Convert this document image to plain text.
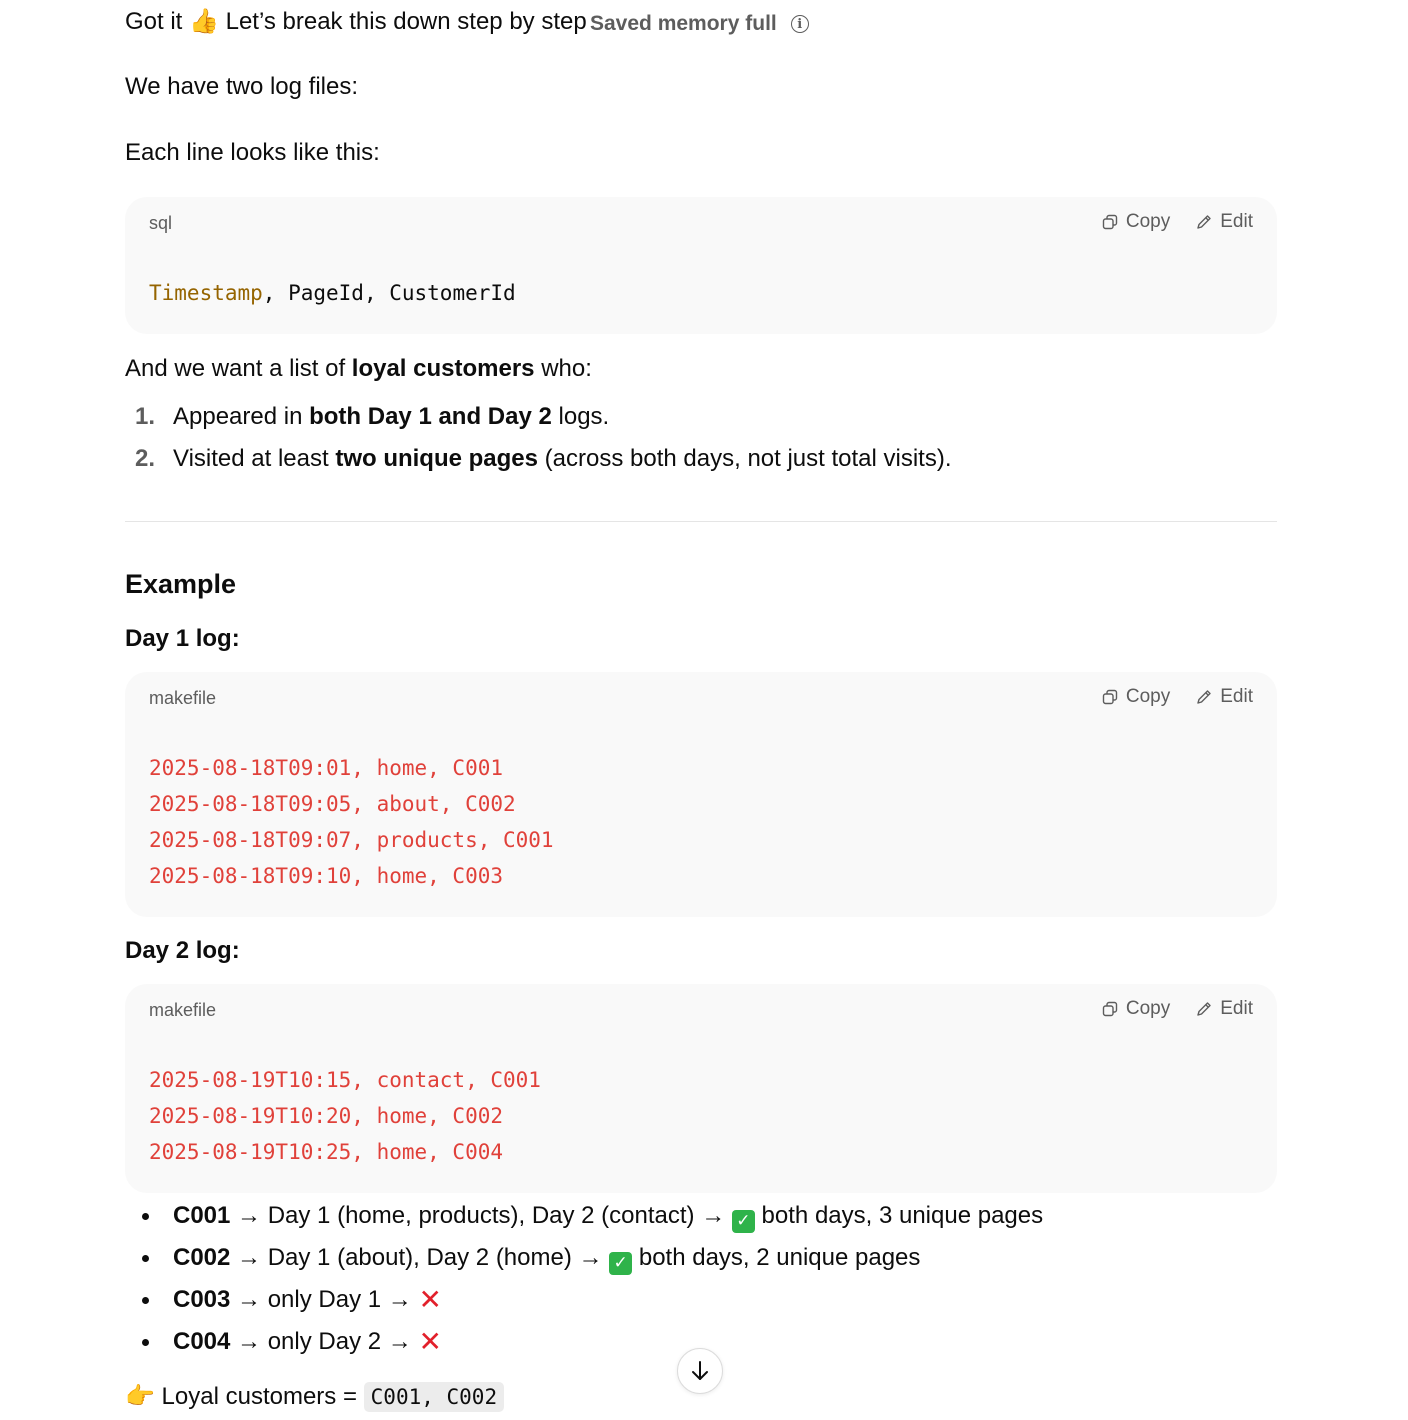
Got it 👍 Let’s break this down step by step
We have two log files:
Each line looks like this:
sql	Copy	Edit
Timestamp, PageId, CustomerId
And we want a list of loyal customers who:
1. Appeared in both Day 1 and Day 2 logs.
2. Visited at least two unique pages (across both days, not just total visits).
Example
Day 1 log:
makefile	Copy	Edit
2025-08-18T09:01, home, C001
2025-08-18T09:05, about, C002
2025-08-18T09:07, products, C001
2025-08-18T09:10, home, C003
Day 2 log:
makefile	Copy	Edit
2025-08-19T10:15, contact, C001
2025-08-19T10:20, home, C002
2025-08-19T10:25, home, C004
C001 → Day 1 (home, products), Day 2 (contact) → ✓ both days, 3 unique pages
C002 → Day 1 (about), Day 2 (home) → ✓ both days, 2 unique pages
C003 → only Day 1 → ✕
C004 → only Day 2 → ✕
👉 Loyal customers = C001, C002
Saved memory full	i
